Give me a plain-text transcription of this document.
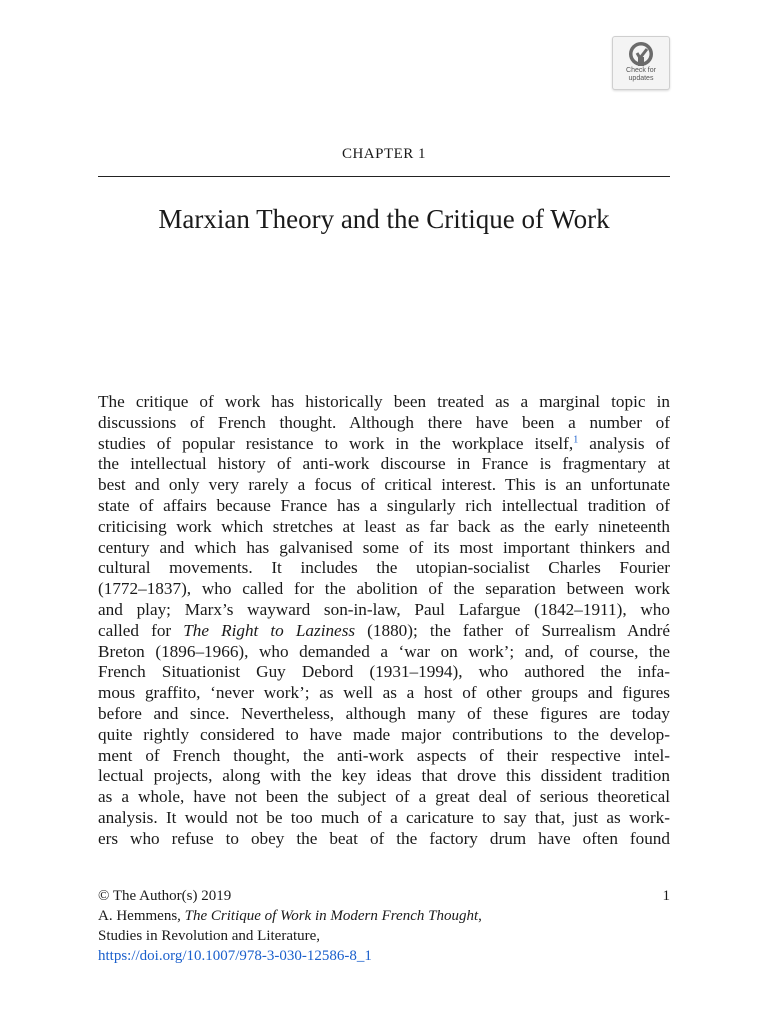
Check for
updates
CHAPTER 1
Marxian Theory and the Critique of Work
The critique of work has historically been treated as a marginal topic in
discussions of French thought. Although there have been a number of
studies of popular resistance to work in the workplace itself,$^1$ analysis of
the intellectual history of anti-work discourse in France is fragmentary at
best and only very rarely a focus of critical interest. This is an unfortunate
state of affairs because France has a singularly rich intellectual tradition of
criticising work which stretches at least as far back as the early nineteenth
century and which has galvanised some of its most important thinkers and
cultural movements. It includes the utopian-socialist Charles Fourier
(1772–1837), who called for the abolition of the separation between work
and play; Marx’s wayward son-in-law, Paul Lafargue (1842–1911), who
called for The Right to Laziness (1880); the father of Surrealism André
Breton (1896–1966), who demanded a ‘war on work’; and, of course, the
French Situationist Guy Debord (1931–1994), who authored the infa-
mous graffito, ‘never work’; as well as a host of other groups and figures
before and since. Nevertheless, although many of these figures are today
quite rightly considered to have made major contributions to the develop-
ment of French thought, the anti-work aspects of their respective intel-
lectual projects, along with the key ideas that drove this dissident tradition
as a whole, have not been the subject of a great deal of serious theoretical
analysis. It would not be too much of a caricature to say that, just as work-
ers who refuse to obey the beat of the factory drum have often found
© The Author(s) 2019	1
A. Hemmens, The Critique of Work in Modern French Thought,
Studies in Revolution and Literature,
https://doi.org/10.1007/978-3-030-12586-8_1
